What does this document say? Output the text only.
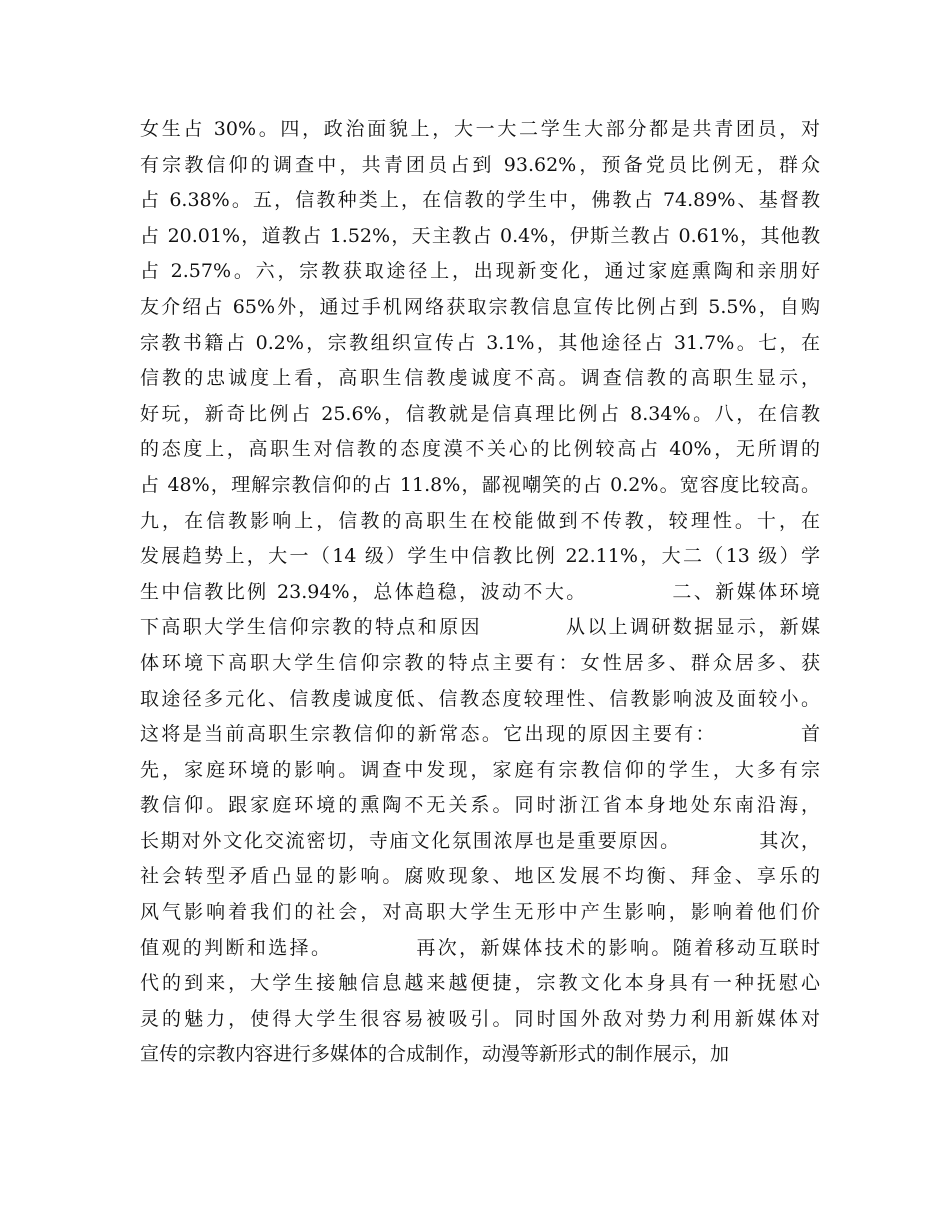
女生占 30%。四，政治面貌上，大一大二学生大部分都是共青团员，对
有宗教信仰的调查中，共青团员占到 93.62%，预备党员比例无，群众
占 6.38%。五，信教种类上，在信教的学生中，佛教占 74.89%、基督教
占 20.01%，道教占 1.52%，天主教占 0.4%，伊斯兰教占 0.61%，其他教
占 2.57%。六，宗教获取途径上，出现新变化，通过家庭熏陶和亲朋好
友介绍占 65%外，通过手机网络获取宗教信息宣传比例占到 5.5%，自购
宗教书籍占 0.2%，宗教组织宣传占 3.1%，其他途径占 31.7%。七，在
信教的忠诚度上看，高职生信教虔诚度不高。调查信教的高职生显示，
好玩，新奇比例占 25.6%，信教就是信真理比例占 8.34%。八，在信教
的态度上，高职生对信教的态度漠不关心的比例较高占 40%，无所谓的
占 48%，理解宗教信仰的占 11.8%，鄙视嘲笑的占 0.2%。宽容度比较高。
九，在信教影响上，信教的高职生在校能做到不传教，较理性。十，在
发展趋势上，大一（14 级）学生中信教比例 22.11%，大二（13 级）学
生中信教比例 23.94%，总体趋稳，波动不大。          二、新媒体环境
下高职大学生信仰宗教的特点和原因          从以上调研数据显示，新媒
体环境下高职大学生信仰宗教的特点主要有：女性居多、群众居多、获
取途径多元化、信教虔诚度低、信教态度较理性、信教影响波及面较小。
这将是当前高职生宗教信仰的新常态。它出现的原因主要有：          首
先，家庭环境的影响。调查中发现，家庭有宗教信仰的学生，大多有宗
教信仰。跟家庭环境的熏陶不无关系。同时浙江省本身地处东南沿海，
长期对外文化交流密切，寺庙文化氛围浓厚也是重要原因。          其次，
社会转型矛盾凸显的影响。腐败现象、地区发展不均衡、拜金、享乐的
风气影响着我们的社会，对高职大学生无形中产生影响，影响着他们价
值观的判断和选择。          再次，新媒体技术的影响。随着移动互联时
代的到来，大学生接触信息越来越便捷，宗教文化本身具有一种抚慰心
灵的魅力，使得大学生很容易被吸引。同时国外敌对势力利用新媒体对
宣传的宗教内容进行多媒体的合成制作，动漫等新形式的制作展示，加
